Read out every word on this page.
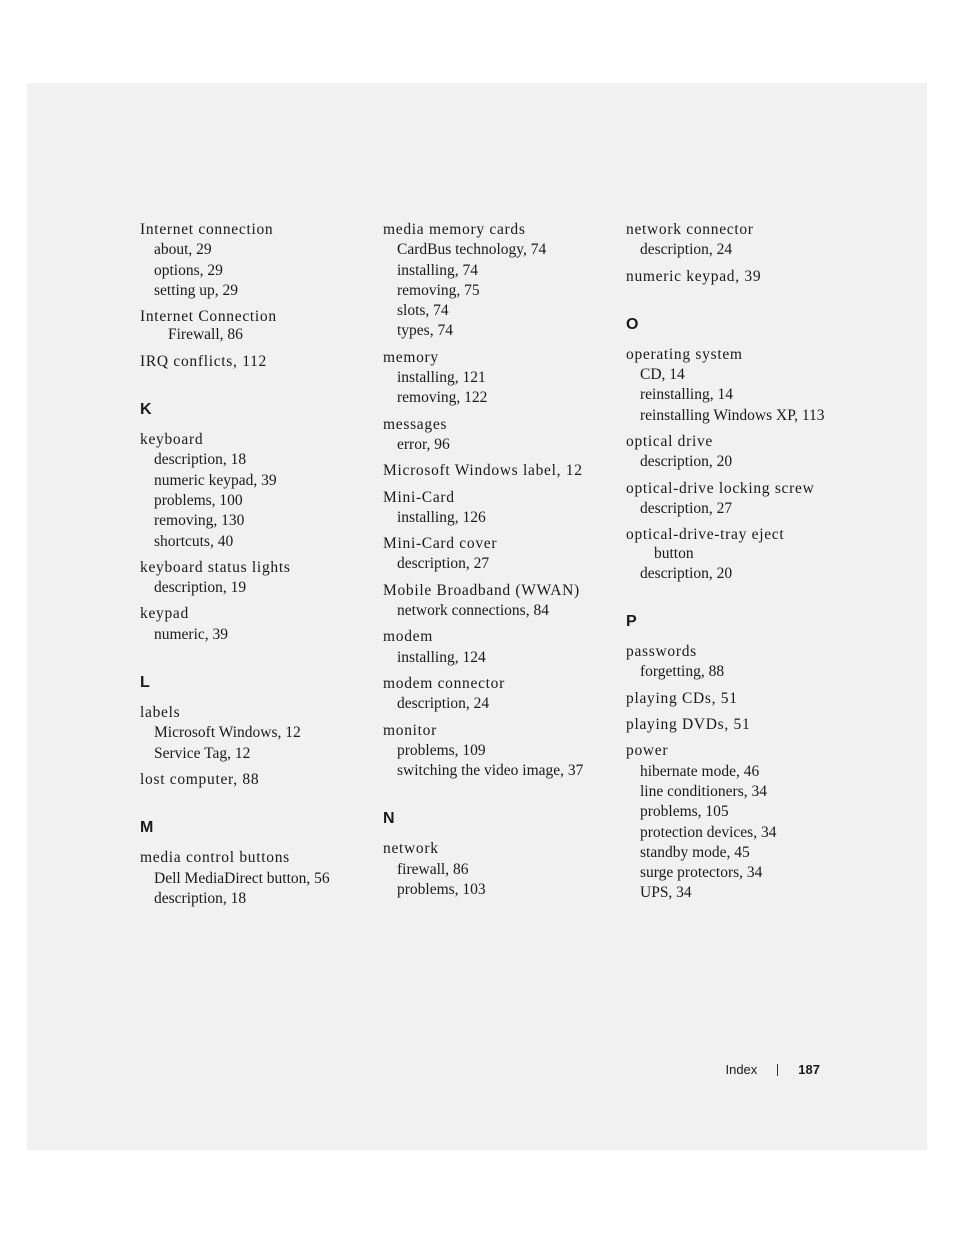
Internet connection
about, 29
options, 29
setting up, 29
Internet Connection
Firewall, 86
IRQ conflicts, 112
K
keyboard
description, 18
numeric keypad, 39
problems, 100
removing, 130
shortcuts, 40
keyboard status lights
description, 19
keypad
numeric, 39
L
labels
Microsoft Windows, 12
Service Tag, 12
lost computer, 88
M
media control buttons
Dell MediaDirect button, 56
description, 18
media memory cards
CardBus technology, 74
installing, 74
removing, 75
slots, 74
types, 74
memory
installing, 121
removing, 122
messages
error, 96
Microsoft Windows label, 12
Mini-Card
installing, 126
Mini-Card cover
description, 27
Mobile Broadband (WWAN)
network connections, 84
modem
installing, 124
modem connector
description, 24
monitor
problems, 109
switching the video image, 37
N
network
firewall, 86
problems, 103
network connector
description, 24
numeric keypad, 39
O
operating system
CD, 14
reinstalling, 14
reinstalling Windows XP, 113
optical drive
description, 20
optical-drive locking screw
description, 27
optical-drive-tray eject
button
description, 20
P
passwords
forgetting, 88
playing CDs, 51
playing DVDs, 51
power
hibernate mode, 46
line conditioners, 34
problems, 105
protection devices, 34
standby mode, 45
surge protectors, 34
UPS, 34
Index	187
